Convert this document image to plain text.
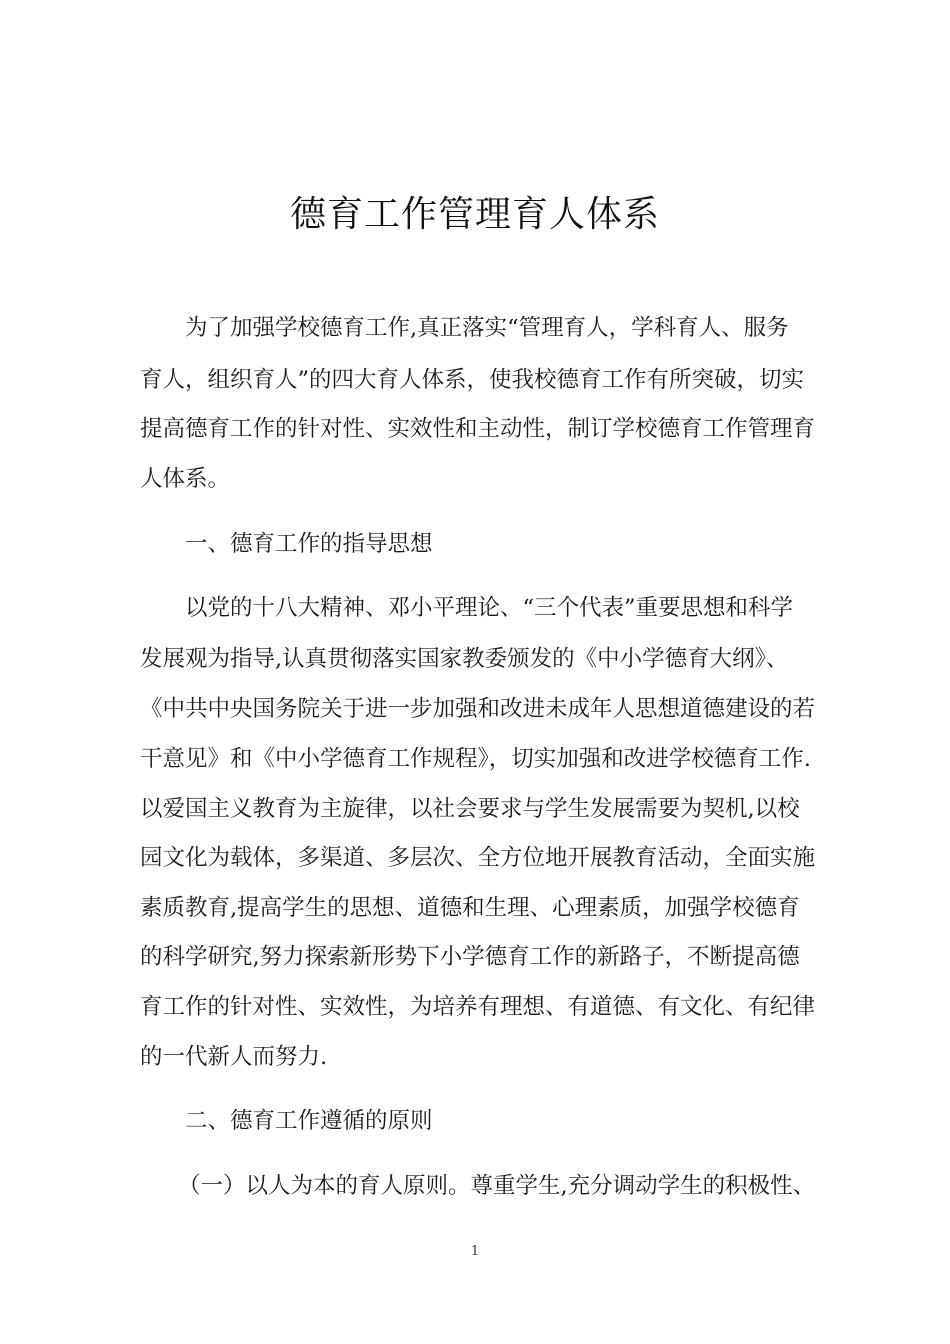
德育工作管理育人体系
为了加强学校德育工作,真正落实“管理育人，学科育人、服务
育人，组织育人”的四大育人体系，使我校德育工作有所突破，切实
提高德育工作的针对性、实效性和主动性，制订学校德育工作管理育
人体系。
一、德育工作的指导思想
以党的十八大精神、邓小平理论、“三个代表”重要思想和科学
发展观为指导,认真贯彻落实国家教委颁发的《中小学德育大纲》、
《中共中央国务院关于进一步加强和改进未成年人思想道德建设的若
干意见》和《中小学德育工作规程》，切实加强和改进学校德育工作.
以爱国主义教育为主旋律，以社会要求与学生发展需要为契机,以校
园文化为载体，多渠道、多层次、全方位地开展教育活动，全面实施
素质教育,提高学生的思想、道德和生理、心理素质，加强学校德育
的科学研究,努力探索新形势下小学德育工作的新路子，不断提高德
育工作的针对性、实效性，为培养有理想、有道德、有文化、有纪律
的一代新人而努力.
二、德育工作遵循的原则
（一）以人为本的育人原则。尊重学生,充分调动学生的积极性、
1
